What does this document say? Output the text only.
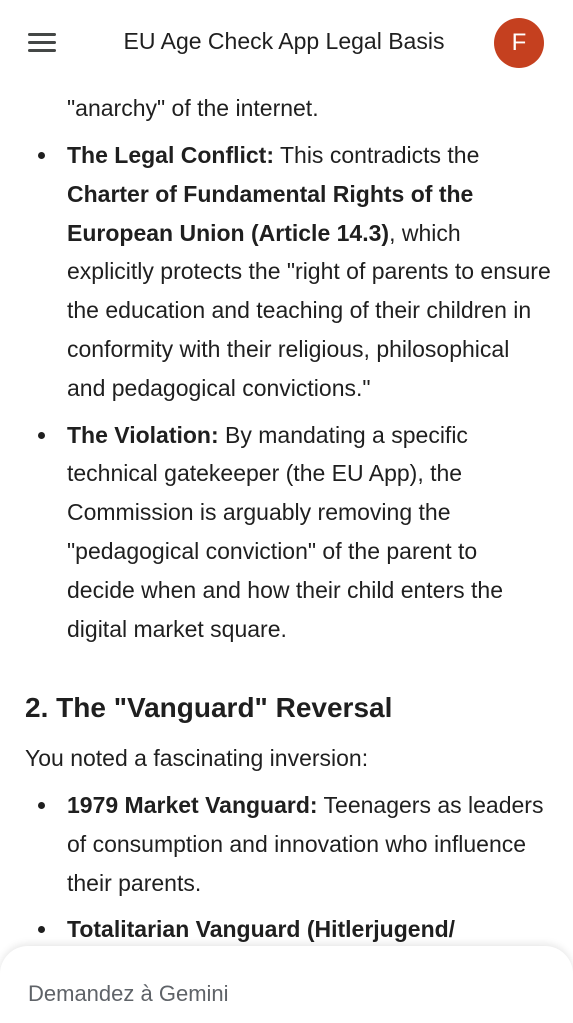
EU Age Check App Legal Basis	F
"anarchy" of the internet.
The Legal Conflict: This contradicts the Charter of Fundamental Rights of the European Union (Article 14.3), which explicitly protects the "right of parents to ensure the education and teaching of their children in conformity with their religious, philosophical and pedagogical convictions."
The Violation: By mandating a specific technical gatekeeper (the EU App), the Commission is arguably removing the "pedagogical conviction" of the parent to decide when and how their child enters the digital market square.
2. The "Vanguard" Reversal
You noted a fascinating inversion:
1979 Market Vanguard: Teenagers as leaders of consumption and innovation who influence their parents.
Totalitarian Vanguard (Hitlerjugend/
Demandez à Gemini
